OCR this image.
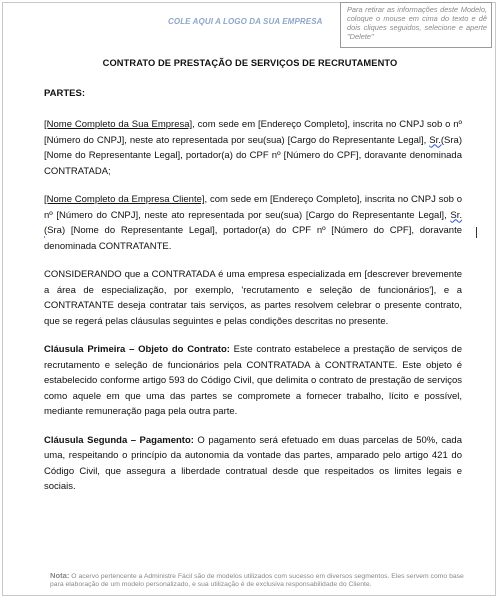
COLE AQUI A LOGO DA SUA EMPRESA
Para retirar as informações deste Modelo, coloque o mouse em cima do texto e dê dois cliques seguidos, selecione e aperte "Delete"
CONTRATO DE PRESTAÇÃO DE SERVIÇOS DE RECRUTAMENTO
PARTES:

[Nome Completo da Sua Empresa], com sede em [Endereço Completo], inscrita no CNPJ sob o nº [Número do CNPJ], neste ato representada por seu(sua) [Cargo do Representante Legal], Sr.(Sra) [Nome do Representante Legal], portador(a) do CPF nº [Número do CPF], doravante denominada CONTRATADA;

[Nome Completo da Empresa Cliente], com sede em [Endereço Completo], inscrita no CNPJ sob o nº [Número do CNPJ], neste ato representada por seu(sua) [Cargo do Representante Legal], Sr.(Sra) [Nome do Representante Legal], portador(a) do CPF nº [Número do CPF], doravante denominada CONTRATANTE.

CONSIDERANDO que a CONTRATADA é uma empresa especializada em [descrever brevemente a área de especialização, por exemplo, 'recrutamento e seleção de funcionários'], e a CONTRATANTE deseja contratar tais serviços, as partes resolvem celebrar o presente contrato, que se regerá pelas cláusulas seguintes e pelas condições descritas no presente.

Cláusula Primeira – Objeto do Contrato: Este contrato estabelece a prestação de serviços de recrutamento e seleção de funcionários pela CONTRATADA à CONTRATANTE. Este objeto é estabelecido conforme artigo 593 do Código Civil, que delimita o contrato de prestação de serviços como aquele em que uma das partes se compromete a fornecer trabalho, lícito e possível, mediante remuneração paga pela outra parte.

Cláusula Segunda – Pagamento: O pagamento será efetuado em duas parcelas de 50%, cada uma, respeitando o princípio da autonomia da vontade das partes, amparado pelo artigo 421 do Código Civil, que assegura a liberdade contratual desde que respeitados os limites legais e sociais.

Nota: O acervo pertencente a Administre Fácil são de modelos utilizados com sucesso em diversos segmentos. Eles servem como base para elaboração de um modelo personalizado, e sua utilização é de exclusiva responsabilidade do Cliente.
